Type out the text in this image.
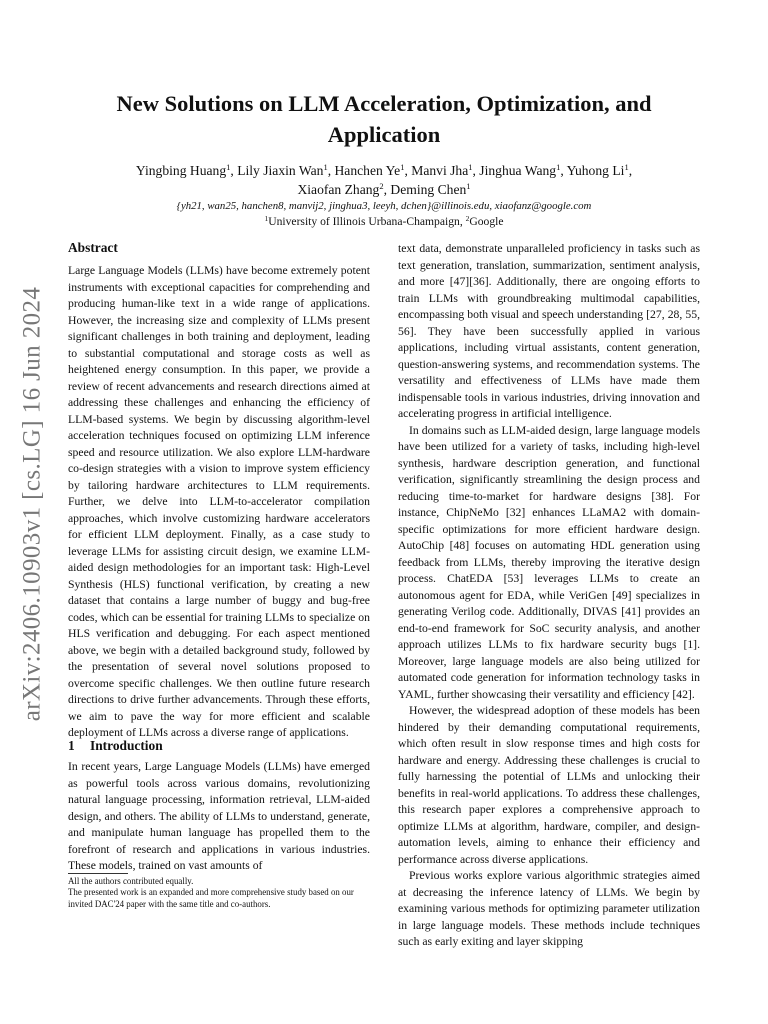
arXiv:2406.10903v1 [cs.LG] 16 Jun 2024
New Solutions on LLM Acceleration, Optimization, and Application
Yingbing Huang$^1$, Lily Jiaxin Wan$^1$, Hanchen Ye$^1$, Manvi Jha$^1$, Jinghua Wang$^1$, Yuhong Li$^1$,
Xiaofan Zhang$^2$, Deming Chen$^1$
{yh21, wan25, hanchen8, manvij2, jinghua3, leeyh, dchen}@illinois.edu, xiaofanz@google.com
$^1$University of Illinois Urbana-Champaign, $^2$Google
Abstract

Large Language Models (LLMs) have become extremely potent instruments with exceptional capacities for comprehending and producing human-like text in a wide range of applications. However, the increasing size and complexity of LLMs present significant challenges in both training and deployment, leading to substantial computational and storage costs as well as heightened energy consumption. In this paper, we provide a review of recent advancements and research directions aimed at addressing these challenges and enhancing the efficiency of LLM-based systems. We begin by discussing algorithm-level acceleration techniques focused on optimizing LLM inference speed and resource utilization. We also explore LLM-hardware co-design strategies with a vision to improve system efficiency by tailoring hardware architectures to LLM requirements. Further, we delve into LLM-to-accelerator compilation approaches, which involve customizing hardware accelerators for efficient LLM deployment. Finally, as a case study to leverage LLMs for assisting circuit design, we examine LLM-aided design methodologies for an important task: High-Level Synthesis (HLS) functional verification, by creating a new dataset that contains a large number of buggy and bug-free codes, which can be essential for training LLMs to specialize on HLS verification and debugging. For each aspect mentioned above, we begin with a detailed background study, followed by the presentation of several novel solutions proposed to overcome specific challenges. We then outline future research directions to drive further advancements. Through these efforts, we aim to pave the way for more efficient and scalable deployment of LLMs across a diverse range of applications.

1 Introduction

In recent years, Large Language Models (LLMs) have emerged as powerful tools across various domains, revolutionizing natural language processing, information retrieval, LLM-aided design, and others. The ability of LLMs to understand, generate, and manipulate human language has propelled them to the forefront of research and applications in various industries. These models, trained on vast amounts of

All the authors contributed equally.
The presented work is an expanded and more comprehensive study based on our invited DAC'24 paper with the same title and co-authors.

text data, demonstrate unparalleled proficiency in tasks such as text generation, translation, summarization, sentiment analysis, and more [47][36]. Additionally, there are ongoing efforts to train LLMs with groundbreaking multimodal capabilities, encompassing both visual and speech understanding [27, 28, 55, 56]. They have been successfully applied in various applications, including virtual assistants, content generation, question-answering systems, and recommendation systems. The versatility and effectiveness of LLMs have made them indispensable tools in various industries, driving innovation and accelerating progress in artificial intelligence.

In domains such as LLM-aided design, large language models have been utilized for a variety of tasks, including high-level synthesis, hardware description generation, and functional verification, significantly streamlining the design process and reducing time-to-market for hardware designs [38]. For instance, ChipNeMo [32] enhances LLaMA2 with domain-specific optimizations for more efficient hardware design. AutoChip [48] focuses on automating HDL generation using feedback from LLMs, thereby improving the iterative design process. ChatEDA [53] leverages LLMs to create an autonomous agent for EDA, while VeriGen [49] specializes in generating Verilog code. Additionally, DIVAS [41] provides an end-to-end framework for SoC security analysis, and another approach utilizes LLMs to fix hardware security bugs [1]. Moreover, large language models are also being utilized for automated code generation for information technology tasks in YAML, further showcasing their versatility and efficiency [42].

However, the widespread adoption of these models has been hindered by their demanding computational requirements, which often result in slow response times and high costs for hardware and energy. Addressing these challenges is crucial to fully harnessing the potential of LLMs and unlocking their benefits in real-world applications. To address these challenges, this research paper explores a comprehensive approach to optimize LLMs at algorithm, hardware, compiler, and design-automation levels, aiming to enhance their efficiency and performance across diverse applications.

Previous works explore various algorithmic strategies aimed at decreasing the inference latency of LLMs. We begin by examining various methods for optimizing parameter utilization in large language models. These methods include techniques such as early exiting and layer skipping
